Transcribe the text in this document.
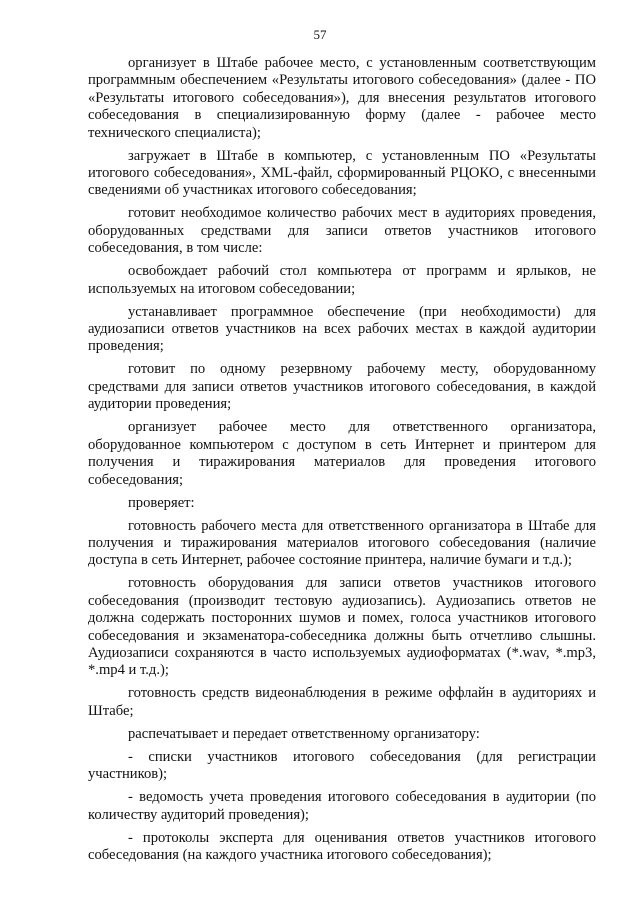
57

организует в Штабе рабочее место, с установленным соответствующим программным обеспечением «Результаты итогового собеседования» (далее - ПО «Результаты итогового собеседования»), для внесения результатов итогового собеседования в специализированную форму (далее - рабочее место технического специалиста);

загружает в Штабе в компьютер, с установленным ПО «Результаты итогового собеседования», XML-файл, сформированный РЦОКО, с внесенными сведениями об участниках итогового собеседования;

готовит необходимое количество рабочих мест в аудиториях проведения, оборудованных средствами для записи ответов участников итогового собеседования, в том числе:

освобождает рабочий стол компьютера от программ и ярлыков, не используемых на итоговом собеседовании;

устанавливает программное обеспечение (при необходимости) для аудиозаписи ответов участников на всех рабочих местах в каждой аудитории проведения;

готовит по одному резервному рабочему месту, оборудованному средствами для записи ответов участников итогового собеседования, в каждой аудитории проведения;

организует рабочее место для ответственного организатора, оборудованное компьютером с доступом в сеть Интернет и принтером для получения и тиражирования материалов для проведения итогового собеседования;

проверяет:

готовность рабочего места для ответственного организатора в Штабе для получения и тиражирования материалов итогового собеседования (наличие доступа в сеть Интернет, рабочее состояние принтера, наличие бумаги и т.д.);

готовность оборудования для записи ответов участников итогового собеседования (производит тестовую аудиозапись). Аудиозапись ответов не должна содержать посторонних шумов и помех, голоса участников итогового собеседования и экзаменатора-собеседника должны быть отчетливо слышны. Аудиозаписи сохраняются в часто используемых аудиоформатах (*.wav, *.mp3, *.mp4 и т.д.);

готовность средств видеонаблюдения в режиме оффлайн в аудиториях и Штабе;

распечатывает и передает ответственному организатору:

- списки участников итогового собеседования (для регистрации участников);

- ведомость учета проведения итогового собеседования в аудитории (по количеству аудиторий проведения);

- протоколы эксперта для оценивания ответов участников итогового собеседования (на каждого участника итогового собеседования);
